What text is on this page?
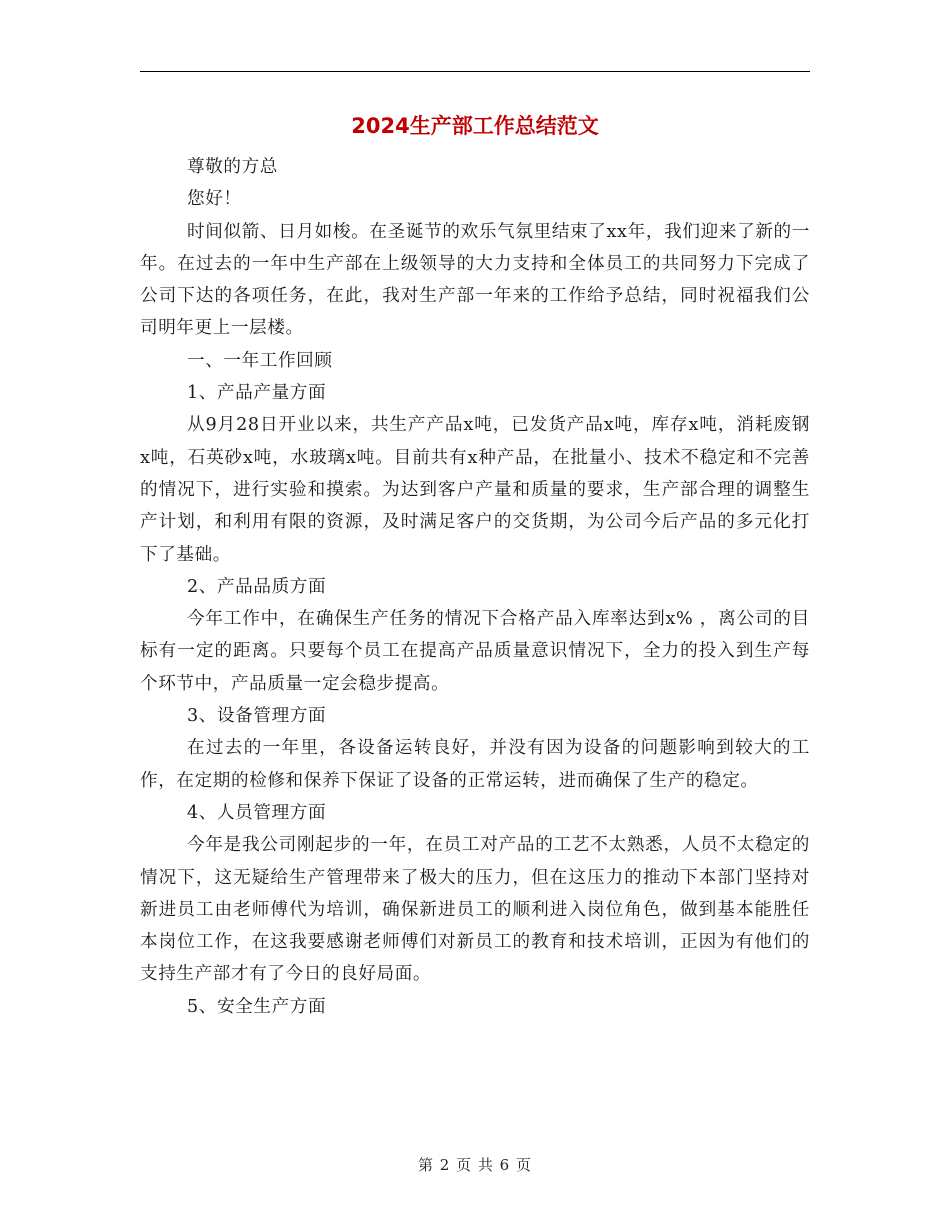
2024生产部工作总结范文

尊敬的方总

您好！

时间似箭、日月如梭。在圣诞节的欢乐气氛里结束了xx年，我们迎来了新的一年。在过去的一年中生产部在上级领导的大力支持和全体员工的共同努力下完成了公司下达的各项任务，在此，我对生产部一年来的工作给予总结，同时祝福我们公司明年更上一层楼。

一、一年工作回顾

1、产品产量方面

从9月28日开业以来，共生产产品x吨，已发货产品x吨，库存x吨，消耗废钢x吨，石英砂x吨，水玻璃x吨。目前共有x种产品，在批量小、技术不稳定和不完善的情况下，进行实验和摸索。为达到客户产量和质量的要求，生产部合理的调整生产计划，和利用有限的资源，及时满足客户的交货期，为公司今后产品的多元化打下了基础。

2、产品品质方面

今年工作中，在确保生产任务的情况下合格产品入库率达到x% ，离公司的目标有一定的距离。只要每个员工在提高产品质量意识情况下，全力的投入到生产每个环节中，产品质量一定会稳步提高。

3、设备管理方面

在过去的一年里，各设备运转良好，并没有因为设备的问题影响到较大的工作，在定期的检修和保养下保证了设备的正常运转，进而确保了生产的稳定。

4、人员管理方面

今年是我公司刚起步的一年，在员工对产品的工艺不太熟悉，人员不太稳定的情况下，这无疑给生产管理带来了极大的压力，但在这压力的推动下本部门坚持对新进员工由老师傅代为培训，确保新进员工的顺利进入岗位角色，做到基本能胜任本岗位工作，在这我要感谢老师傅们对新员工的教育和技术培训，正因为有他们的支持生产部才有了今日的良好局面。

5、安全生产方面

第 2 页 共 6 页
